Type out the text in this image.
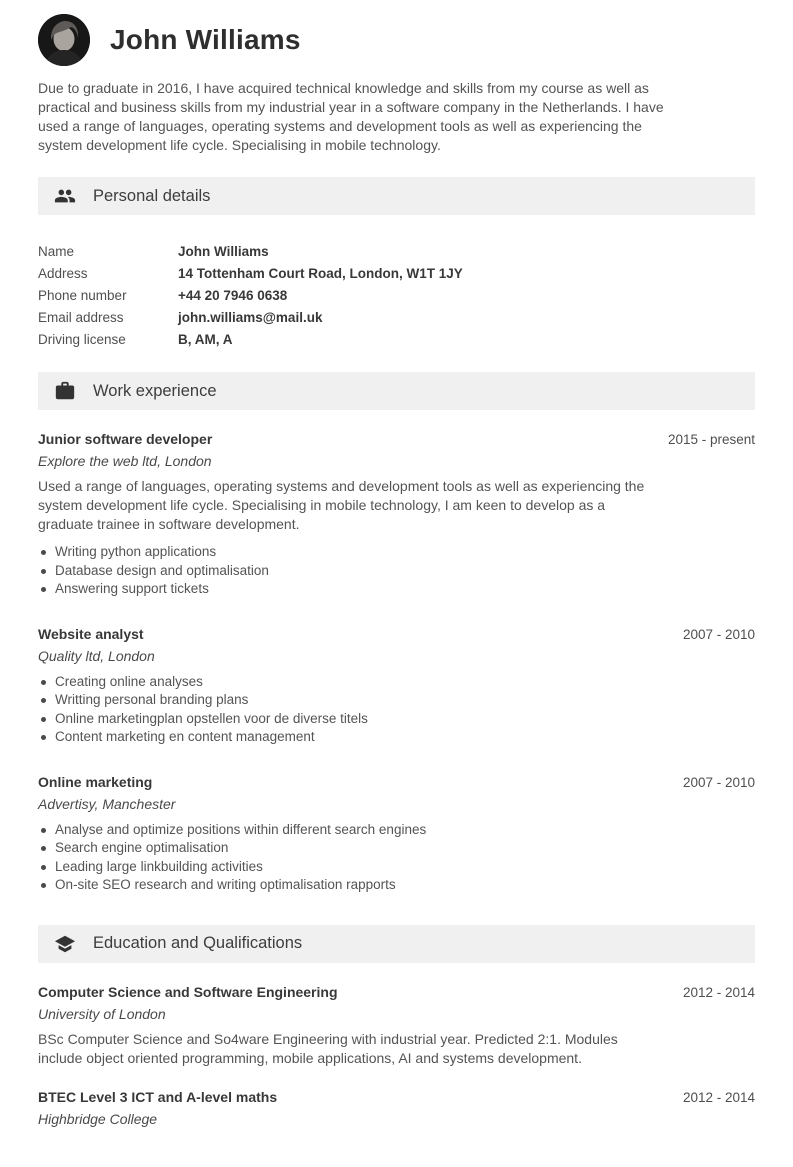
John Williams

Due to graduate in 2016, I have acquired technical knowledge and skills from my course as well as practical and business skills from my industrial year in a software company in the Netherlands. I have used a range of languages, operating systems and development tools as well as experiencing the system development life cycle. Specialising in mobile technology.

Personal details
Name	John Williams
Address	14 Tottenham Court Road, London, W1T 1JY
Phone number	+44 20 7946 0638
Email address	john.williams@mail.uk
Driving license	B, AM, A
Work experience
Junior software developer	2015 - present
Explore the web ltd, London

Used a range of languages, operating systems and development tools as well as experiencing the system development life cycle. Specialising in mobile technology, I am keen to develop as a graduate trainee in software development.

Writing python applications
Database design and optimalisation
Answering support tickets
Website analyst	2007 - 2010
Quality ltd, London
Creating online analyses
Writting personal branding plans
Online marketingplan opstellen voor de diverse titels
Content marketing en content management
Online marketing	2007 - 2010
Advertisy, Manchester
Analyse and optimize positions within different search engines
Search engine optimalisation
Leading large linkbuilding activities
On-site SEO research and writing optimalisation rapports
Education and Qualifications
Computer Science and Software Engineering	2012 - 2014
University of London

BSc Computer Science and So4ware Engineering with industrial year. Predicted 2:1. Modules include object oriented programming, mobile applications, AI and systems development.

BTEC Level 3 ICT and A-level maths	2012 - 2014
Highbridge College
